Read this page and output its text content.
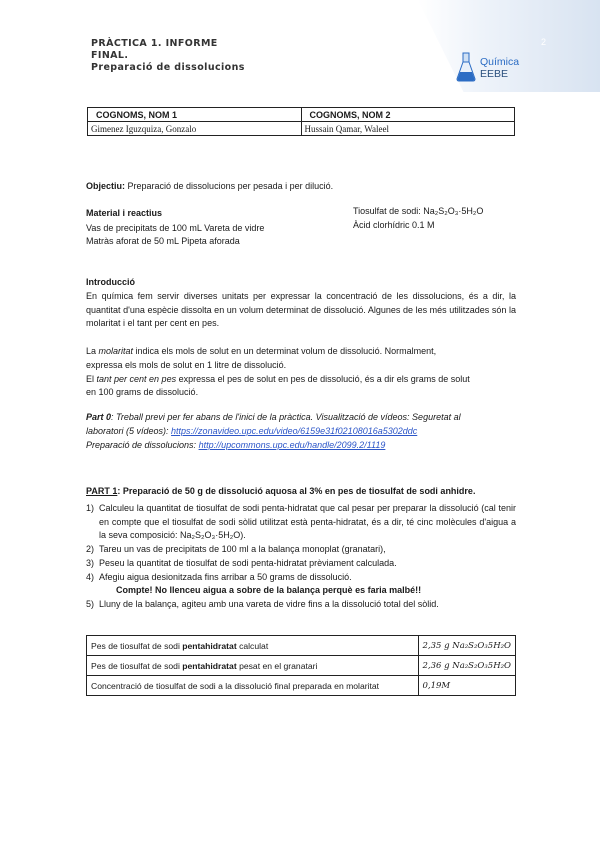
PRÀCTICA 1. INFORME
FINAL.
Preparació de dissolucions
2
Química
EEBE
COGNOMS, NOM 1	COGNOMS, NOM 2
Gimenez Iguzquiza, Gonzalo	Hussain Qamar, Waleel
Objectiu: Preparació de dissolucions per pesada i per dilució.
Material i reactius
Vas de precipitats de 100 mL Vareta de vidre
Matràs aforat de 50 mL Pipeta aforada
Tiosulfat de sodi: Na₂S₂O₃·5H₂O
Àcid clorhídric 0.1 M
Introducció
En química fem servir diverses unitats per expressar la concentració de les dissolucions, és a dir, la quantitat d'una espècie dissolta en un volum determinat de dissolució. Algunes de les més utilitzades són la molaritat i el tant per cent en pes.
La molaritat indica els mols de solut en un determinat volum de dissolució. Normalment,
expressa els mols de solut en 1 litre de dissolució.
El tant per cent en pes expressa el pes de solut en pes de dissolució, és a dir els grams de solut
en 100 grams de dissolució.
Part 0: Treball previ per fer abans de l'inici de la pràctica. Visualització de vídeos: Seguretat al
laboratori (5 vídeos): https://zonavideo.upc.edu/video/6159e31f02108016a5302ddc
Preparació de dissolucions: http://upcommons.upc.edu/handle/2099.2/1119
PART 1: Preparació de 50 g de dissolució aquosa al 3% en pes de tiosulfat de sodi anhidre.
1) Calculeu la quantitat de tiosulfat de sodi penta-hidratat que cal pesar per preparar la dissolució (cal tenir en compte que el tiosulfat de sodi sòlid utilitzat està penta-hidratat, és a dir, té cinc molècules d'aigua a la seva composició: Na₂S₂O₃·5H₂O).
2) Tareu un vas de precipitats de 100 ml a la balança monoplat (granatari),
3) Peseu la quantitat de tiosulfat de sodi penta-hidratat prèviament calculada.
4) Afegiu aigua desionitzada fins arribar a 50 grams de dissolució.
Compte! No llenceu aigua a sobre de la balança perquè es faria malbé!!
5) Lluny de la balança, agiteu amb una vareta de vidre fins a la dissolució total del sòlid.
Pes de tiosulfat de sodi pentahidratat calculat	2,35 g Na₂S₂O₃5H₂O
Pes de tiosulfat de sodi pentahidratat pesat en el granatari	2,36 g Na₂S₂O₃5H₂O
Concentració de tiosulfat de sodi a la dissolució final preparada en molaritat	0,19M
